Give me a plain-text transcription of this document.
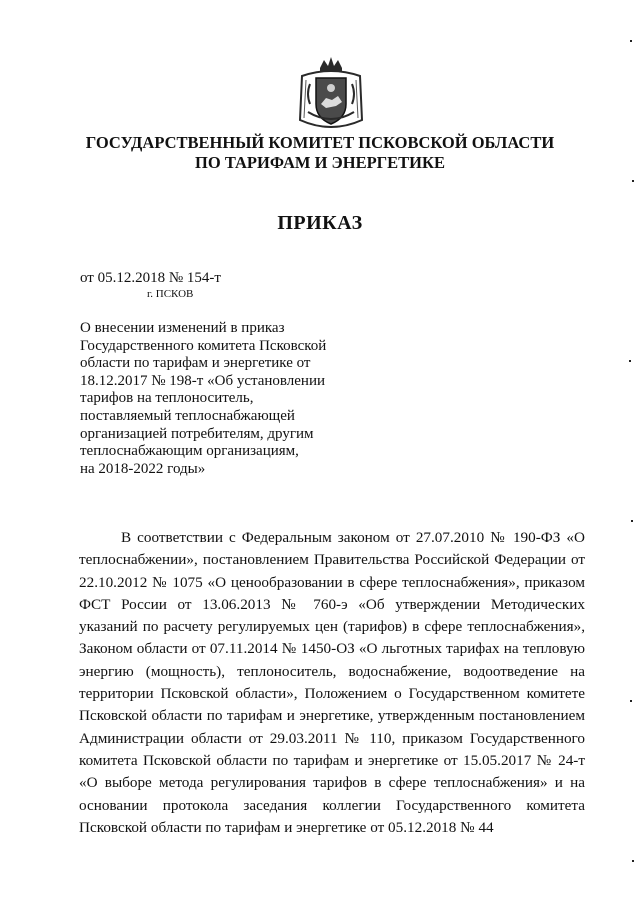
ГОСУДАРСТВЕННЫЙ КОМИТЕТ ПСКОВСКОЙ ОБЛАСТИ
ПО ТАРИФАМ И ЭНЕРГЕТИКЕ
ПРИКАЗ
от 05.12.2018 № 154-т
г. ПСКОВ
О внесении изменений в приказ
Государственного комитета Псковской
области по тарифам и энергетике от
18.12.2017 № 198-т «Об установлении
тарифов на теплоноситель,
поставляемый теплоснабжающей
организацией потребителям, другим
теплоснабжающим организациям,
на 2018-2022 годы»
В соответствии с Федеральным законом от 27.07.2010 № 190-ФЗ «О теплоснабжении», постановлением Правительства Российской Федерации от 22.10.2012 № 1075 «О ценообразовании в сфере теплоснабжения», приказом ФСТ России от 13.06.2013 № 760-э «Об утверждении Методических указаний по расчету регулируемых цен (тарифов) в сфере теплоснабжения», Законом области от 07.11.2014 № 1450-ОЗ «О льготных тарифах на тепловую энергию (мощность), теплоноситель, водоснабжение, водоотведение на территории Псковской области», Положением о Государственном комитете Псковской области по тарифам и энергетике, утвержденным постановлением Администрации области от 29.03.2011 № 110, приказом Государственного комитета Псковской области по тарифам и энергетике от 15.05.2017 № 24-т «О выборе метода регулирования тарифов в сфере теплоснабжения» и на основании протокола заседания коллегии Государственного комитета Псковской области по тарифам и энергетике от 05.12.2018 № 44
